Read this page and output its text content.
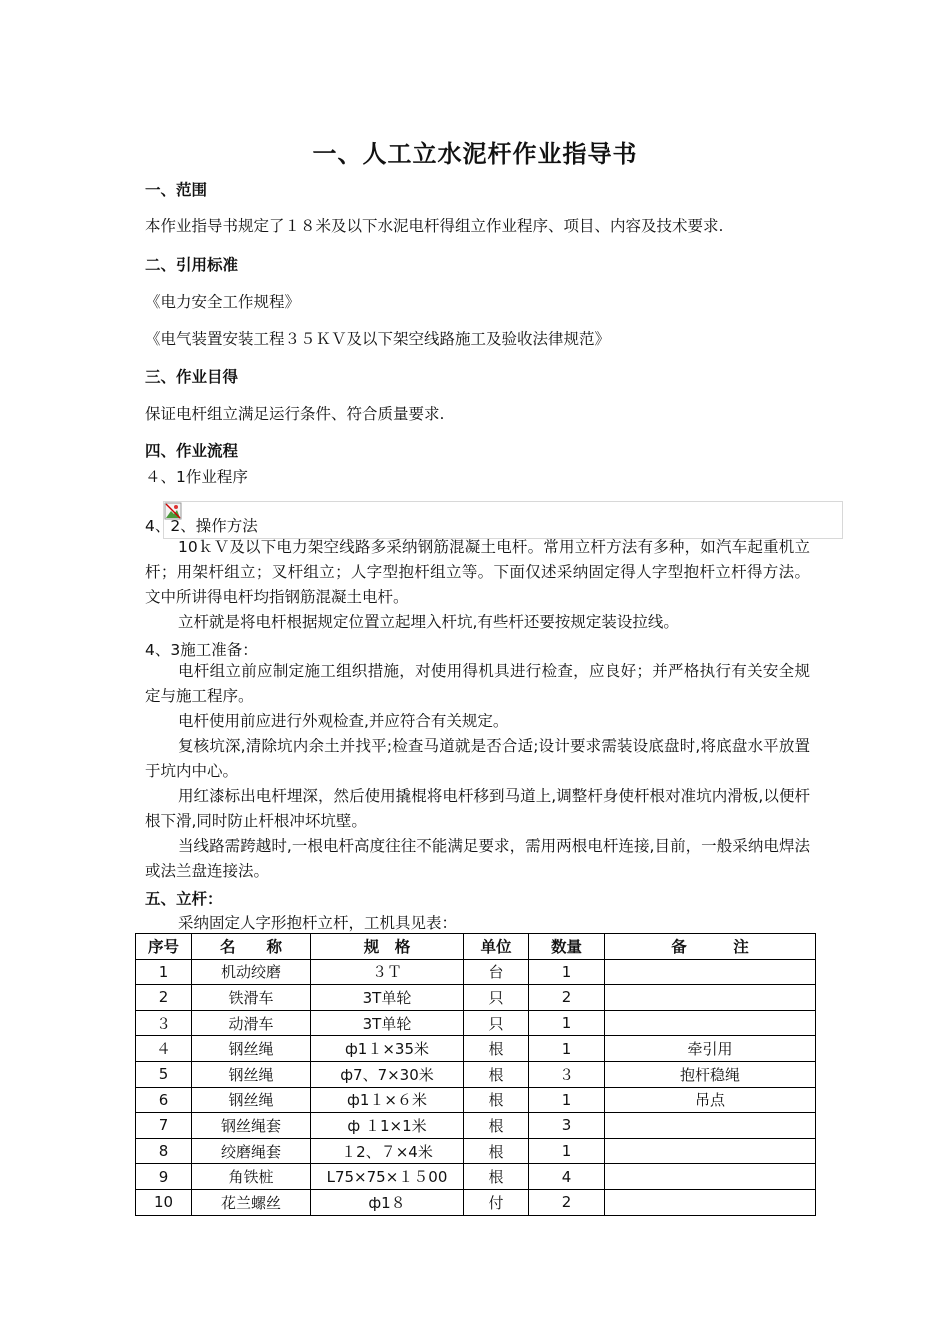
一、人工立水泥杆作业指导书
一、范围
本作业指导书规定了１８米及以下水泥电杆得组立作业程序、项目、内容及技术要求.
二、引用标准
《电力安全工作规程》
《电气装置安装工程３５ＫＶ及以下架空线路施工及验收法律规范》
三、作业目得
保证电杆组立满足运行条件、符合质量要求.
四、作业流程
４、1作业程序
4、2、操作方法
10ｋＶ及以下电力架空线路多采纳钢筋混凝土电杆。常用立杆方法有多种，如汽车起重机立杆；用架杆组立；叉杆组立；人字型抱杆组立等。下面仅述采纳固定得人字型抱杆立杆得方法。文中所讲得电杆均指钢筋混凝土电杆。
立杆就是将电杆根据规定位置立起埋入杆坑,有些杆还要按规定装设拉线。
4、3施工准备：
电杆组立前应制定施工组织措施，对使用得机具进行检查，应良好；并严格执行有关安全规定与施工程序。
电杆使用前应进行外观检查,并应符合有关规定。
复核坑深,清除坑内余土并找平;检查马道就是否合适;设计要求需装设底盘时,将底盘水平放置于坑内中心。
用红漆标出电杆埋深，然后使用撬棍将电杆移到马道上,调整杆身使杆根对准坑内滑板,以便杆根下滑,同时防止杆根冲坏坑壁。
当线路需跨越时,一根电杆高度往往不能满足要求，需用两根电杆连接,目前，一般采纳电焊法或法兰盘连接法。
五、立杆：
采纳固定人字形抱杆立杆，工机具见表：
序号	名　　称	规　格	单位	数量	备　　　注
1	机动绞磨	３Ｔ	台	1	
2	铁滑车	3T单轮	只	2	
３	动滑车	3T单轮	只	1	
４	钢丝绳	ф1１×35米	根	1	牵引用
5	钢丝绳	ф7、7×30米	根	３	抱杆稳绳
6	钢丝绳	ф1１×６米	根	1	吊点
7	钢丝绳套	ф １1×1米	根	3	
8	绞磨绳套	１2、７×4米	根	1	
9	角铁桩	L75×75×１５00	根	4	
10	花兰螺丝	ф1８	付	2	
